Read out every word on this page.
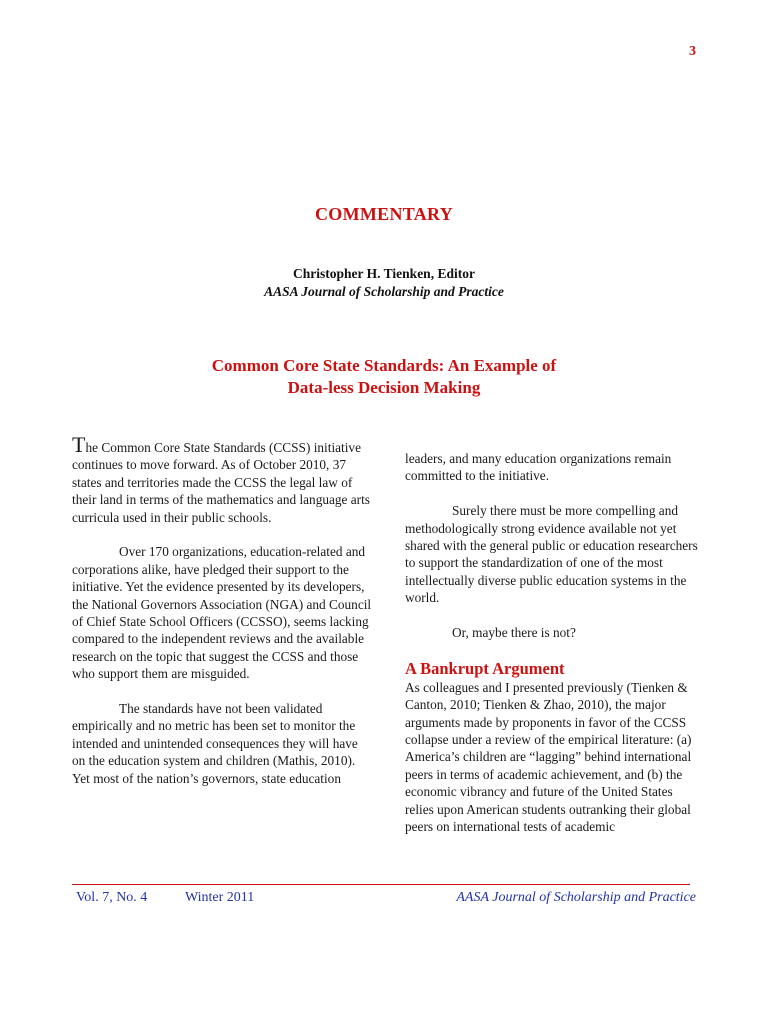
3
COMMENTARY
Christopher H. Tienken, Editor
AASA Journal of Scholarship and Practice
Common Core State Standards: An Example of
Data-less Decision Making

The Common Core State Standards (CCSS) initiative continues to move forward. As of October 2010, 37 states and territories made the CCSS the legal law of their land in terms of the mathematics and language arts curricula used in their public schools.

Over 170 organizations, education-related and corporations alike, have pledged their support to the initiative. Yet the evidence presented by its developers, the National Governors Association (NGA) and Council of Chief State School Officers (CCSSO), seems lacking compared to the independent reviews and the available research on the topic that suggest the CCSS and those who support them are misguided.

The standards have not been validated empirically and no metric has been set to monitor the intended and unintended consequences they will have on the education system and children (Mathis, 2010). Yet most of the nation’s governors, state education

leaders, and many education organizations remain committed to the initiative.

Surely there must be more compelling and methodologically strong evidence available not yet shared with the general public or education researchers to support the standardization of one of the most intellectually diverse public education systems in the world.

Or, maybe there is not?

A Bankrupt Argument

As colleagues and I presented previously (Tienken & Canton, 2010; Tienken & Zhao, 2010), the major arguments made by proponents in favor of the CCSS collapse under a review of the empirical literature: (a) America’s children are “lagging” behind international peers in terms of academic achievement, and (b) the economic vibrancy and future of the United States relies upon American students outranking their global peers on international tests of academic

Vol. 7, No. 4	Winter 2011	AASA Journal of Scholarship and Practice
